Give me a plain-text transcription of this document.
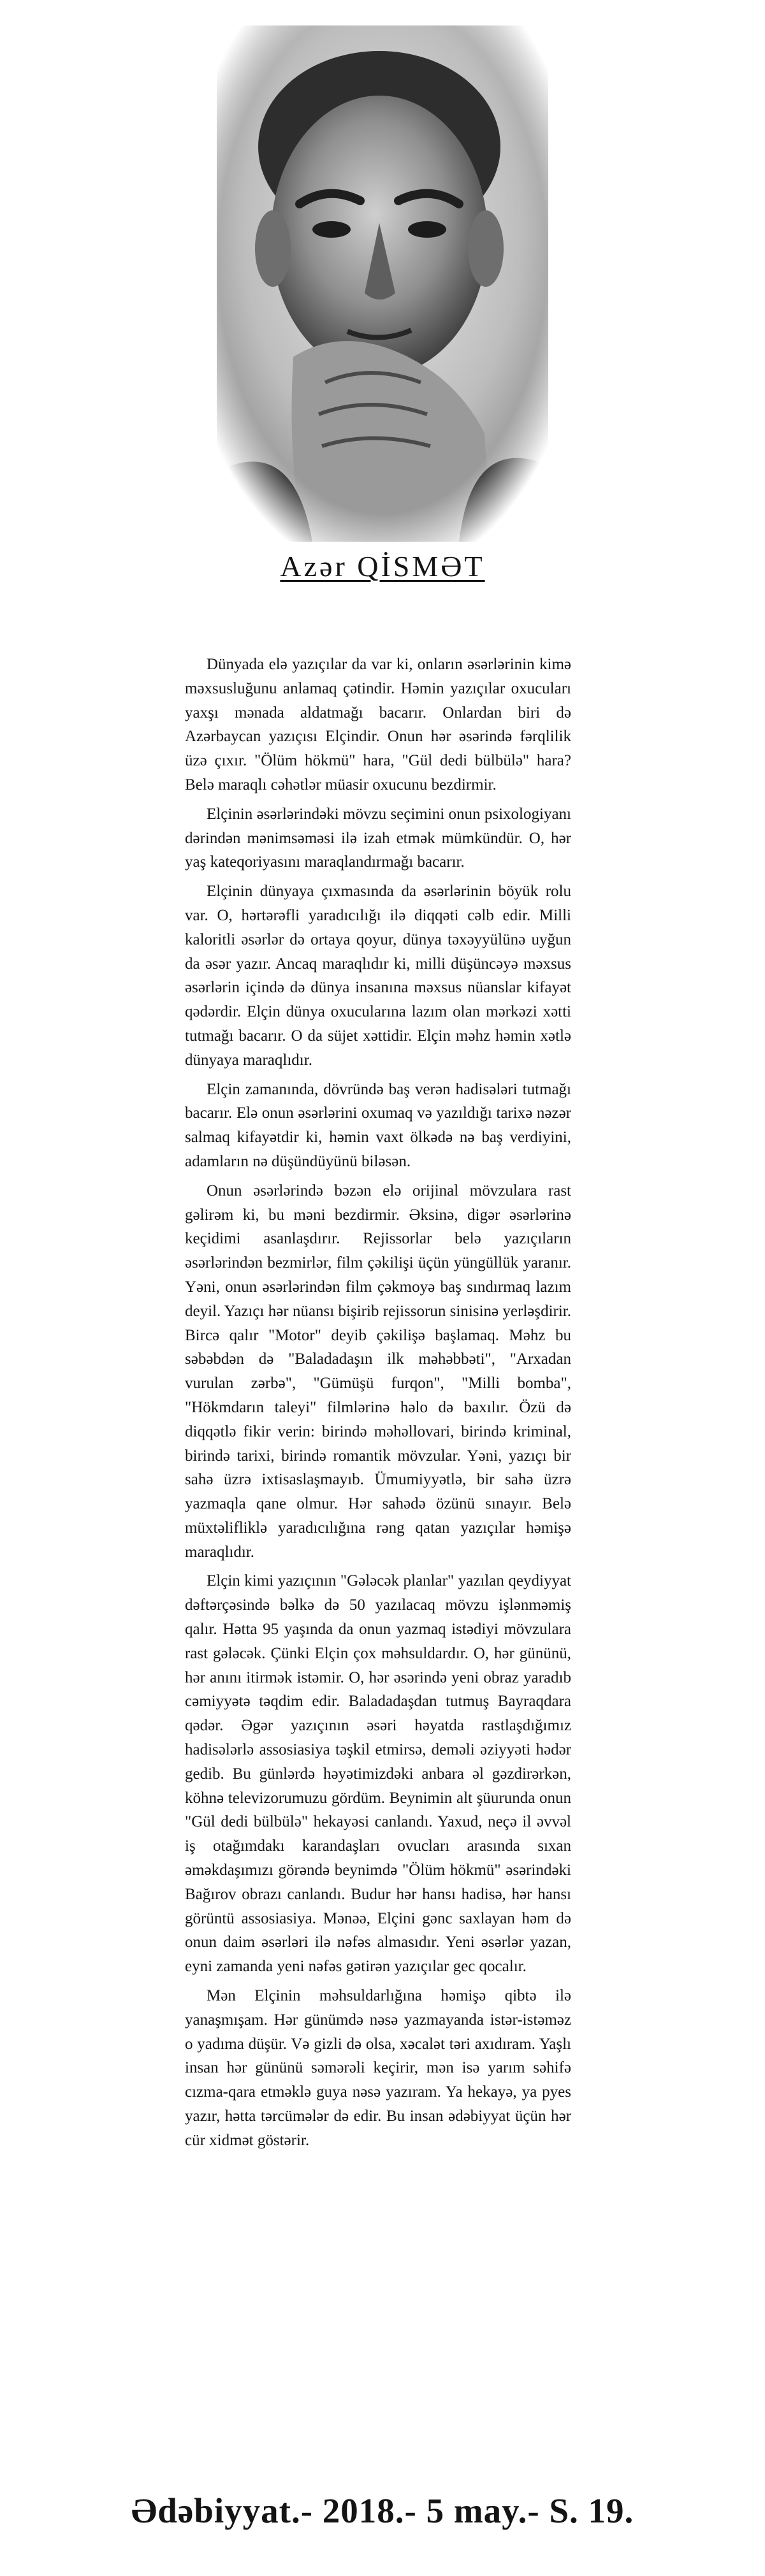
Azər QİSMƏT

Dünyada elə yazıçılar da var ki, onların əsərlərinin kimə məxsusluğunu anlamaq çətindir. Həmin yazıçılar oxucuları yaxşı mənada aldatmağı bacarır. Onlardan biri də Azərbaycan yazıçısı Elçindir. Onun hər əsərində fərqlilik üzə çıxır. "Ölüm hökmü" hara, "Gül dedi bülbülə" hara? Belə maraqlı cəhətlər müasir oxucunu bezdirmir.

Elçinin əsərlərindəki mövzu seçimini onun psixologiyanı dərindən mənimsəməsi ilə izah etmək mümkündür. O, hər yaş kateqoriyasını maraqlandırmağı bacarır.

Elçinin dünyaya çıxmasında da əsərlərinin böyük rolu var. O, hərtərəfli yaradıcılığı ilə diqqəti cəlb edir. Milli kaloritli əsərlər də ortaya qoyur, dünya təxəyyülünə uyğun da əsər yazır. Ancaq maraqlıdır ki, milli düşüncəyə məxsus əsərlərin içində də dünya insanına məxsus nüanslar kifayət qədərdir. Elçin dünya oxucularına lazım olan mərkəzi xətti tutmağı bacarır. O da süjet xəttidir. Elçin məhz həmin xətlə dünyaya maraqlıdır.

Elçin zamanında, dövründə baş verən hadisələri tutmağı bacarır. Elə onun əsərlərini oxumaq və yazıldığı tarixə nəzər salmaq kifayətdir ki, həmin vaxt ölkədə nə baş verdiyini, adamların nə düşündüyünü biləsən.

Onun əsərlərində bəzən elə orijinal mövzulara rast gəlirəm ki, bu məni bezdirmir. Əksinə, digər əsərlərinə keçidimi asanlaşdırır. Rejissorlar belə yazıçıların əsərlərindən bezmirlər, film çəkilişi üçün yüngüllük yaranır. Yəni, onun əsərlərindən film çəkmoyə baş sındırmaq lazım deyil. Yazıçı hər nüansı bişirib rejissorun sinisinə yerləşdirir. Bircə qalır "Motor" deyib çəkilişə başlamaq. Məhz bu səbəbdən də "Baladadaşın ilk məhəbbəti", "Arxadan vurulan zərbə", "Gümüşü furqon", "Milli bomba", "Hökmdarın taleyi" filmlərinə həlo də baxılır. Özü də diqqətlə fikir verin: birində məhəllovari, birində kriminal, birində tarixi, birində romantik mövzular. Yəni, yazıçı bir sahə üzrə ixtisaslaşmayıb. Ümumiyyətlə, bir sahə üzrə yazmaqla qane olmur. Hər sahədə özünü sınayır. Belə müxtəlifliklə yaradıcılığına rəng qatan yazıçılar həmişə maraqlıdır.

Elçin kimi yazıçının "Gələcək planlar" yazılan qeydiyyat dəftərçəsində bəlkə də 50 yazılacaq mövzu işlənməmiş qalır. Hətta 95 yaşında da onun yazmaq istədiyi mövzulara rast gələcək. Çünki Elçin çox məhsuldardır. O, hər gününü, hər anını itirmək istəmir. O, hər əsərində yeni obraz yaradıb cəmiyyətə təqdim edir. Baladadaşdan tutmuş Bayraqdara qədər. Əgər yazıçının əsəri həyatda rastlaşdığımız hadisələrlə assosiasiya təşkil etmirsə, deməli əziyyəti hədər gedib. Bu günlərdə həyətimizdəki anbara əl gəzdirərkən, köhnə televizorumuzu gördüm. Beynimin alt şüurunda onun "Gül dedi bülbülə" hekayəsi canlandı. Yaxud, neçə il əvvəl iş otağımdakı karandaşları ovucları arasında sıxan əməkdaşımızı görəndə beynimdə "Ölüm hökmü" əsərindəki Bağırov obrazı canlandı. Budur hər hansı hadisə, hər hansı görüntü assosiasiya. Mənəə, Elçini gənc saxlayan həm də onun daim əsərləri ilə nəfəs almasıdır. Yeni əsərlər yazan, eyni zamanda yeni nəfəs gətirən yazıçılar gec qocalır.

Mən Elçinin məhsuldarlığına həmişə qibtə ilə yanaşmışam. Hər günümdə nəsə yazmayanda istər-istəməz o yadıma düşür. Və gizli də olsa, xəcalət təri axıdıram. Yaşlı insan hər gününü səmərəli keçirir, mən isə yarım səhifə cızma-qara etməklə guya nəsə yazıram. Ya hekayə, ya pyes yazır, hətta tərcümələr də edir. Bu insan ədəbiyyat üçün hər cür xidmət göstərir.

Ədəbiyyat.- 2018.- 5 may.- S. 19.
